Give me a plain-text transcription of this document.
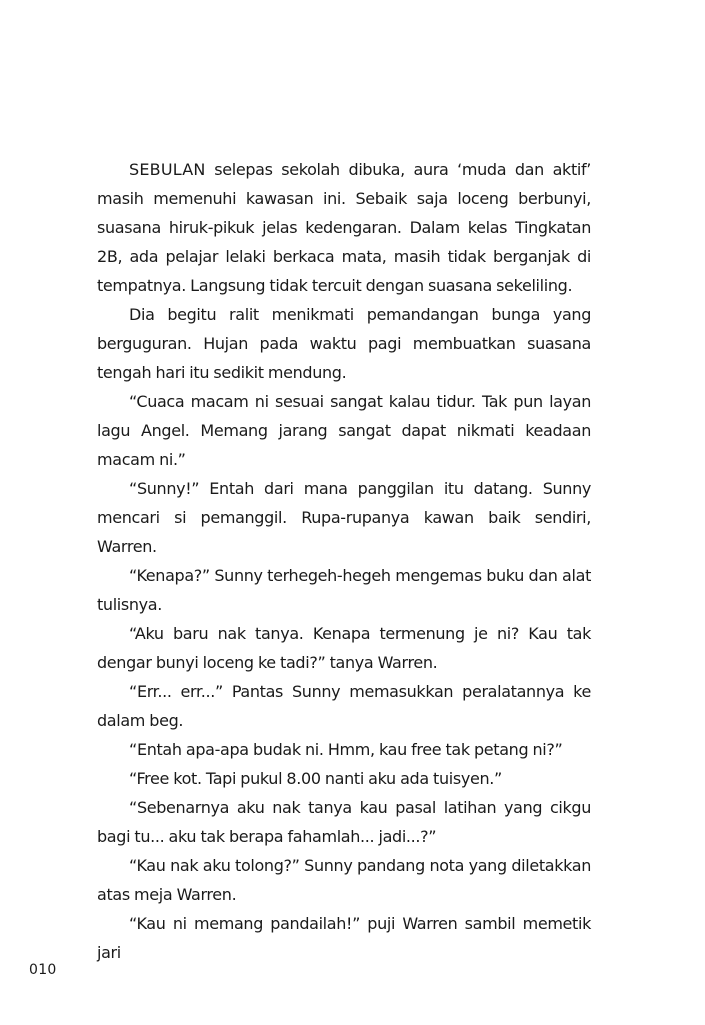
SEBULAN selepas sekolah dibuka, aura ‘muda dan aktif’ masih memenuhi kawasan ini. Sebaik saja loceng berbunyi, suasana hiruk-pikuk jelas kedengaran. Dalam kelas Tingkatan 2B, ada pelajar lelaki berkaca mata, masih tidak berganjak di tempatnya. Langsung tidak tercuit dengan suasana sekeliling.

Dia begitu ralit menikmati pemandangan bunga yang berguguran. Hujan pada waktu pagi membuatkan suasana tengah hari itu sedikit mendung.

“Cuaca macam ni sesuai sangat kalau tidur. Tak pun layan lagu Angel. Memang jarang sangat dapat nikmati keadaan macam ni.”

“Sunny!” Entah dari mana panggilan itu datang. Sunny mencari si pemanggil. Rupa-rupanya kawan baik sendiri, Warren.

“Kenapa?” Sunny terhegeh-hegeh mengemas buku dan alat tulisnya.

“Aku baru nak tanya. Kenapa termenung je ni? Kau tak dengar bunyi loceng ke tadi?” tanya Warren.

“Err... err...” Pantas Sunny memasukkan peralatannya ke dalam beg.

“Entah apa-apa budak ni. Hmm, kau free tak petang ni?”

“Free kot. Tapi pukul 8.00 nanti aku ada tuisyen.”

“Sebenarnya aku nak tanya kau pasal latihan yang cikgu bagi tu... aku tak berapa fahamlah... jadi...?”

“Kau nak aku tolong?” Sunny pandang nota yang diletakkan atas meja Warren.

“Kau ni memang pandailah!” puji Warren sambil memetik jari

010
